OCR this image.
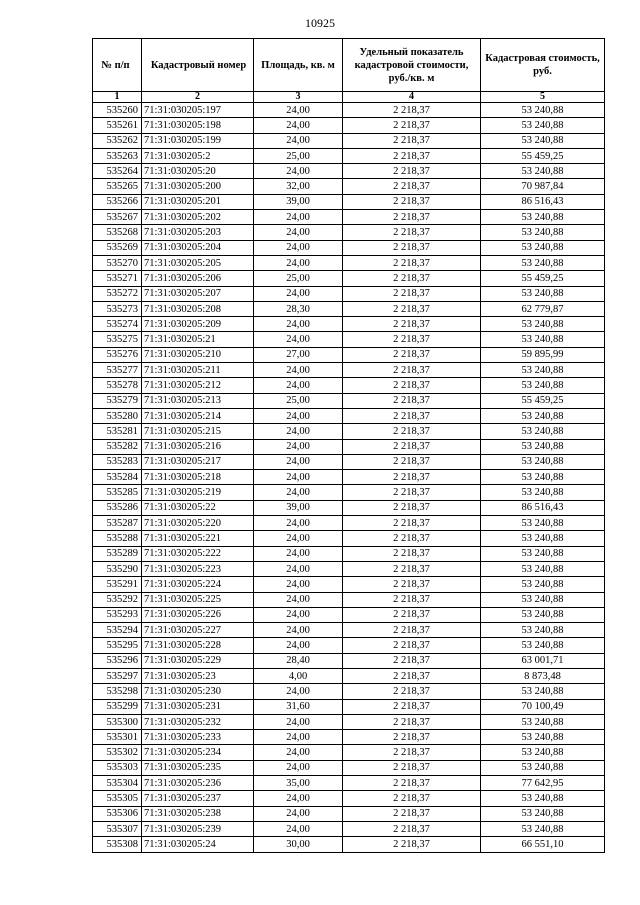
10925
№ п/п	Кадастровый номер	Площадь, кв. м	Удельный показатель кадастровой стоимости, руб./кв. м	Кадастровая стоимость, руб.
1	2	3	4	5
535260	71:31:030205:197	24,00	2 218,37	53 240,88
535261	71:31:030205:198	24,00	2 218,37	53 240,88
535262	71:31:030205:199	24,00	2 218,37	53 240,88
535263	71:31:030205:2	25,00	2 218,37	55 459,25
535264	71:31:030205:20	24,00	2 218,37	53 240,88
535265	71:31:030205:200	32,00	2 218,37	70 987,84
535266	71:31:030205:201	39,00	2 218,37	86 516,43
535267	71:31:030205:202	24,00	2 218,37	53 240,88
535268	71:31:030205:203	24,00	2 218,37	53 240,88
535269	71:31:030205:204	24,00	2 218,37	53 240,88
535270	71:31:030205:205	24,00	2 218,37	53 240,88
535271	71:31:030205:206	25,00	2 218,37	55 459,25
535272	71:31:030205:207	24,00	2 218,37	53 240,88
535273	71:31:030205:208	28,30	2 218,37	62 779,87
535274	71:31:030205:209	24,00	2 218,37	53 240,88
535275	71:31:030205:21	24,00	2 218,37	53 240,88
535276	71:31:030205:210	27,00	2 218,37	59 895,99
535277	71:31:030205:211	24,00	2 218,37	53 240,88
535278	71:31:030205:212	24,00	2 218,37	53 240,88
535279	71:31:030205:213	25,00	2 218,37	55 459,25
535280	71:31:030205:214	24,00	2 218,37	53 240,88
535281	71:31:030205:215	24,00	2 218,37	53 240,88
535282	71:31:030205:216	24,00	2 218,37	53 240,88
535283	71:31:030205:217	24,00	2 218,37	53 240,88
535284	71:31:030205:218	24,00	2 218,37	53 240,88
535285	71:31:030205:219	24,00	2 218,37	53 240,88
535286	71:31:030205:22	39,00	2 218,37	86 516,43
535287	71:31:030205:220	24,00	2 218,37	53 240,88
535288	71:31:030205:221	24,00	2 218,37	53 240,88
535289	71:31:030205:222	24,00	2 218,37	53 240,88
535290	71:31:030205:223	24,00	2 218,37	53 240,88
535291	71:31:030205:224	24,00	2 218,37	53 240,88
535292	71:31:030205:225	24,00	2 218,37	53 240,88
535293	71:31:030205:226	24,00	2 218,37	53 240,88
535294	71:31:030205:227	24,00	2 218,37	53 240,88
535295	71:31:030205:228	24,00	2 218,37	53 240,88
535296	71:31:030205:229	28,40	2 218,37	63 001,71
535297	71:31:030205:23	4,00	2 218,37	8 873,48
535298	71:31:030205:230	24,00	2 218,37	53 240,88
535299	71:31:030205:231	31,60	2 218,37	70 100,49
535300	71:31:030205:232	24,00	2 218,37	53 240,88
535301	71:31:030205:233	24,00	2 218,37	53 240,88
535302	71:31:030205:234	24,00	2 218,37	53 240,88
535303	71:31:030205:235	24,00	2 218,37	53 240,88
535304	71:31:030205:236	35,00	2 218,37	77 642,95
535305	71:31:030205:237	24,00	2 218,37	53 240,88
535306	71:31:030205:238	24,00	2 218,37	53 240,88
535307	71:31:030205:239	24,00	2 218,37	53 240,88
535308	71:31:030205:24	30,00	2 218,37	66 551,10
